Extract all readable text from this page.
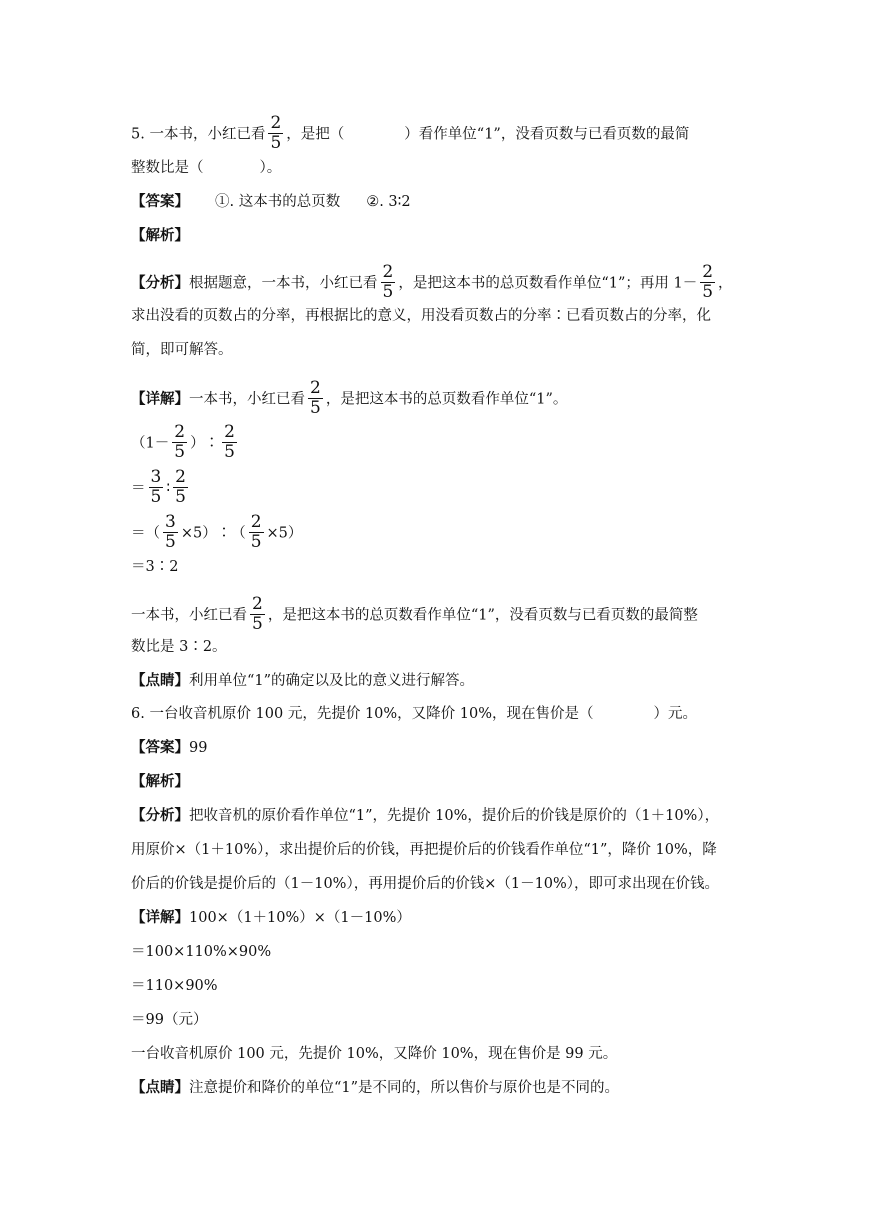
5. 一本书，小红已看 $\frac{2}{5}$ ，是把（	）看作单位“1”，没看页数与已看页数的最简
整数比是（	）。
【答案】 ①. 这本书的总页数 ②. 3∶2
【解析】
【分析】根据题意，一本书，小红已看 $\frac{2}{5}$ ，是把这本书的总页数看作单位“1”；再用 $1- \frac{2}{5}$ ，
求出没看的页数占的分率，再根据比的意义，用没看页数占的分率∶已看页数占的分率，化
简，即可解答。
【详解】一本书，小红已看 $\frac{2}{5}$ ，是把这本书的总页数看作单位“1”。
（$1- \frac{2}{5}$ ）∶ $\frac{2}{5}$
＝ $\frac{3}{5}$ ∶ $\frac{2}{5}$
＝（ $\frac{3}{5}$ ×5）∶（ $\frac{2}{5} \times 5$）
＝3∶2
一本书，小红已看 $\frac{2}{5}$ ，是把这本书的总页数看作单位“1”，没看页数与已看页数的最简整
数比是 3∶2。
【点睛】利用单位“1”的确定以及比的意义进行解答。
6. 一台收音机原价 100 元，先提价 10%，又降价 10%，现在售价是（	）元。
【答案】99
【解析】
【分析】把收音机的原价看作单位“1”，先提价 10%，提价后的价钱是原价的（1＋10%），
用原价×（1＋10%），求出提价后的价钱，再把提价后的价钱看作单位“1”，降价 10%，降
价后的价钱是提价后的（1－10%），再用提价后的价钱×（1－10%），即可求出现在价钱。
【详解】100×（1＋10%）×（1－10%）
＝100×110%×90%
＝110×90%
＝99（元）
一台收音机原价 100 元，先提价 10%，又降价 10%，现在售价是 99 元。
【点睛】注意提价和降价的单位“1”是不同的，所以售价与原价也是不同的。
